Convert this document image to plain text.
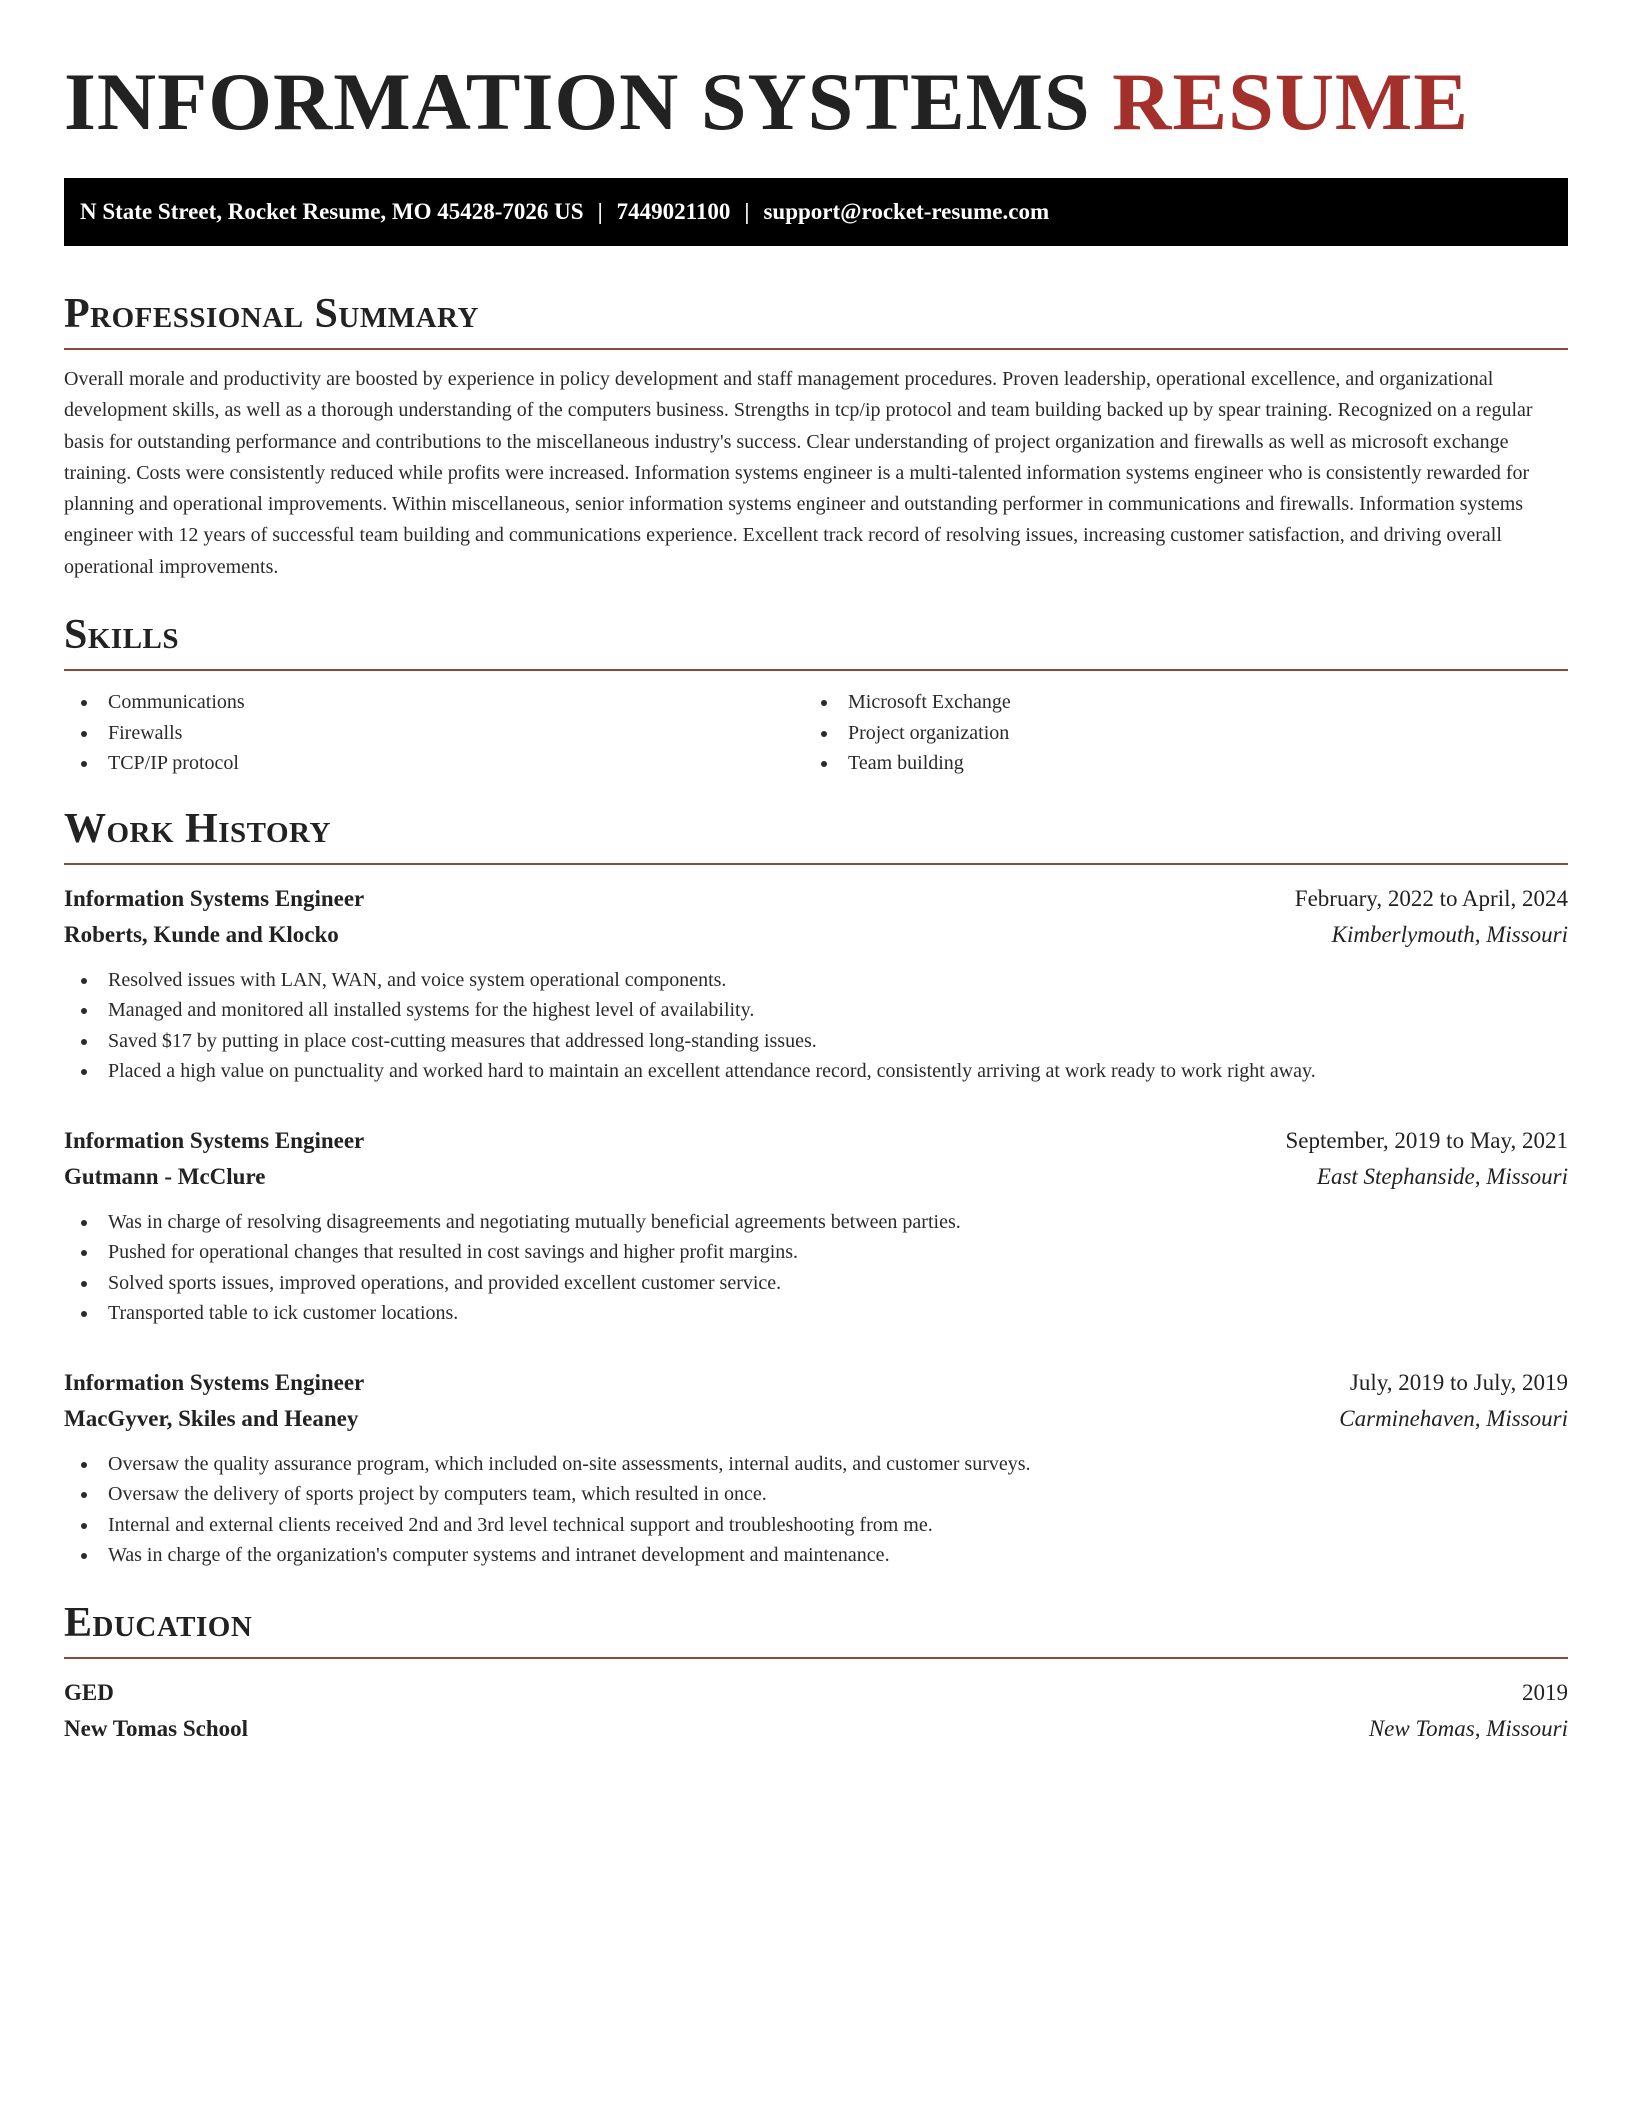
INFORMATION SYSTEMS RESUME
N State Street, Rocket Resume, MO 45428-7026 US | 7449021100 | support@rocket-resume.com
Professional Summary

Overall morale and productivity are boosted by experience in policy development and staff management procedures. Proven leadership, operational excellence, and organizational development skills, as well as a thorough understanding of the computers business. Strengths in tcp/ip protocol and team building backed up by spear training. Recognized on a regular basis for outstanding performance and contributions to the miscellaneous industry's success. Clear understanding of project organization and firewalls as well as microsoft exchange training. Costs were consistently reduced while profits were increased. Information systems engineer is a multi-talented information systems engineer who is consistently rewarded for planning and operational improvements. Within miscellaneous, senior information systems engineer and outstanding performer in communications and firewalls. Information systems engineer with 12 years of successful team building and communications experience. Excellent track record of resolving issues, increasing customer satisfaction, and driving overall operational improvements.

Skills
Communications
Firewalls
TCP/IP protocol
Microsoft Exchange
Project organization
Team building
Work History
Information Systems Engineer	February, 2022 to April, 2024
Roberts, Kunde and Klocko	Kimberlymouth, Missouri
Resolved issues with LAN, WAN, and voice system operational components.
Managed and monitored all installed systems for the highest level of availability.
Saved $17 by putting in place cost-cutting measures that addressed long-standing issues.
Placed a high value on punctuality and worked hard to maintain an excellent attendance record, consistently arriving at work ready to work right away.
Information Systems Engineer	September, 2019 to May, 2021
Gutmann - McClure	East Stephanside, Missouri
Was in charge of resolving disagreements and negotiating mutually beneficial agreements between parties.
Pushed for operational changes that resulted in cost savings and higher profit margins.
Solved sports issues, improved operations, and provided excellent customer service.
Transported table to ick customer locations.
Information Systems Engineer	July, 2019 to July, 2019
MacGyver, Skiles and Heaney	Carminehaven, Missouri
Oversaw the quality assurance program, which included on-site assessments, internal audits, and customer surveys.
Oversaw the delivery of sports project by computers team, which resulted in once.
Internal and external clients received 2nd and 3rd level technical support and troubleshooting from me.
Was in charge of the organization's computer systems and intranet development and maintenance.
Education
GED	2019
New Tomas School	New Tomas, Missouri
